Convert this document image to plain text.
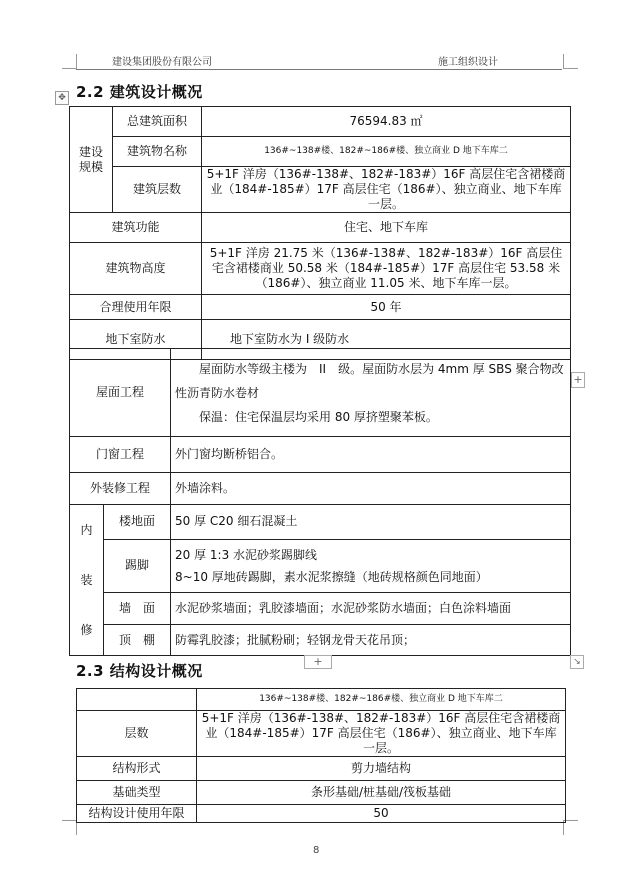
建设集团股份有限公司	施工组织设计
✥ 2.2 建筑设计概况
建设
规模	总建筑面积	76594.83 ㎡
	建筑物名称	136#~138#楼、182#~186#楼、独立商业 D 地下车库二
	建筑层数	5+1F 洋房（136#-138#、182#-183#）16F 高层住宅含裙楼商业（184#-185#）17F 高层住宅（186#）、独立商业、地下车库一层。
建筑功能		住宅、地下车库
建筑物高度		5+1F 洋房 21.75 米（136#-138#、182#-183#）16F 高层住宅含裙楼商业 50.58 米（184#-185#）17F 高层住宅 53.58 米（186#）、独立商业 11.05 米、地下车库一层。
合理使用年限		50 年
地下室防水		地下室防水为 I 级防水
屋面工程		屋面防水等级主楼为　II　级。屋面防水层为 4mm 厚 SBS 聚合物改性沥青防水卷材
保温：住宅保温层均采用 80 厚挤塑聚苯板。

门窗工程		外门窗均断桥铝合。
外装修工程		外墙涂料。

内
装
修	楼地面	50 厚 C20 细石混凝土
	踢脚	20 厚 1:3 水泥砂浆踢脚线
8~10 厚地砖踢脚，素水泥浆擦缝（地砖规格颜色同地面）

	墙　面	水泥砂浆墙面；乳胶漆墙面；水泥砂浆防水墙面；白色涂料墙面
	顶　棚	防霉乳胶漆；批腻粉刷；轻钢龙骨天花吊顶；
+
+	↘
2.3 结构设计概况
	136#~138#楼、182#~186#楼、独立商业 D 地下车库二
层数	5+1F 洋房（136#-138#、182#-183#）16F 高层住宅含裙楼商业（184#-185#）17F 高层住宅（186#）、独立商业、地下车库一层。
结构形式	剪力墙结构
基础类型	条形基础/桩基础/筏板基础
结构设计使用年限	50
8
